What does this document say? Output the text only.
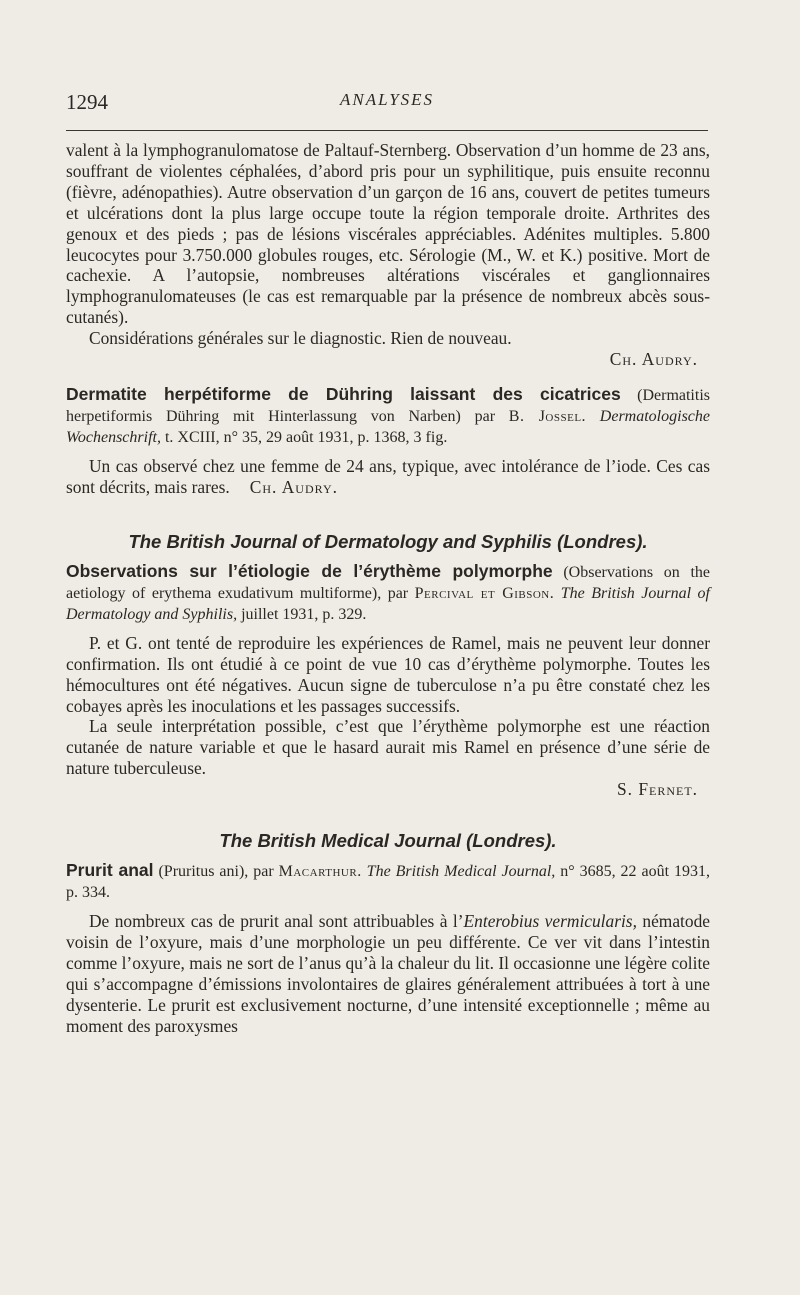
1294	ANALYSES

valent à la lymphogranulomatose de Paltauf-Sternberg. Observation d’un homme de 23 ans, souffrant de violentes céphalées, d’abord pris pour un syphilitique, puis ensuite reconnu (fièvre, adénopathies). Autre observation d’un garçon de 16 ans, couvert de petites tumeurs et ulcérations dont la plus large occupe toute la région temporale droite. Arthrites des genoux et des pieds ; pas de lésions viscérales appréciables. Adénites multiples. 5.800 leucocytes pour 3.750.000 globules rouges, etc. Sérologie (M., W. et K.) positive. Mort de cachexie. A l’autopsie, nombreuses altérations viscérales et ganglionnaires lymphogranulomateuses (le cas est remarquable par la présence de nombreux abcès sous-cutanés).

Considérations générales sur le diagnostic. Rien de nouveau.

Ch. Audry.

Dermatite herpétiforme de Dühring laissant des cicatrices (Dermatitis herpetiformis Dühring mit Hinterlassung von Narben) par B. Jossel. Dermatologische Wochenschrift, t. XCIII, n° 35, 29 août 1931, p. 1368, 3 fig.

Un cas observé chez une femme de 24 ans, typique, avec intolérance de l’iode. Ces cas sont décrits, mais rares. Ch. Audry.

The British Journal of Dermatology and Syphilis (Londres).
Observations sur l’étiologie de l’érythème polymorphe (Observations on the aetiology of erythema exudativum multiforme), par Percival et Gibson. The British Journal of Dermatology and Syphilis, juillet 1931, p. 329.

P. et G. ont tenté de reproduire les expériences de Ramel, mais ne peuvent leur donner confirmation. Ils ont étudié à ce point de vue 10 cas d’érythème polymorphe. Toutes les hémocultures ont été négatives. Aucun signe de tuberculose n’a pu être constaté chez les cobayes après les inoculations et les passages successifs.

La seule interprétation possible, c’est que l’érythème polymorphe est une réaction cutanée de nature variable et que le hasard aurait mis Ramel en présence d’une série de nature tuberculeuse.

S. Fernet.

The British Medical Journal (Londres).
Prurit anal (Pruritus ani), par Macarthur. The British Medical Journal, n° 3685, 22 août 1931, p. 334.

De nombreux cas de prurit anal sont attribuables à l’Enterobius vermicularis, nématode voisin de l’oxyure, mais d’une morphologie un peu différente. Ce ver vit dans l’intestin comme l’oxyure, mais ne sort de l’anus qu’à la chaleur du lit. Il occasionne une légère colite qui s’accompagne d’émissions involontaires de glaires généralement attribuées à tort à une dysenterie. Le prurit est exclusivement nocturne, d’une intensité exceptionnelle ; même au moment des paroxysmes
